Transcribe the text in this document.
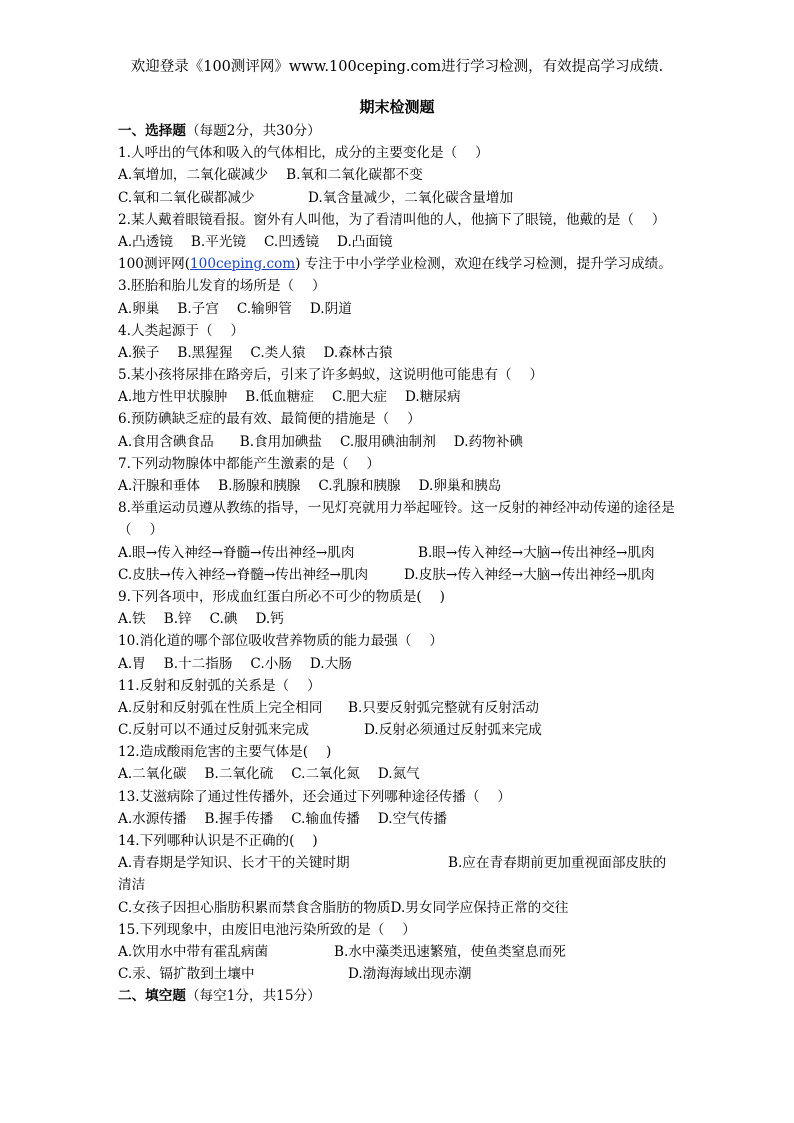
欢迎登录《100测评网》www.100ceping.com进行学习检测，有效提高学习成绩.
期末检测题
一、选择题（每题2分，共30分）
1.人呼出的气体和吸入的气体相比，成分的主要变化是（　 ）
A.氧增加，二氧化碳减少 B.氧和二氧化碳都不变
C.氧和二氧化碳都减少	D.氧含量减少，二氧化碳含量增加
2.某人戴着眼镜看报。窗外有人叫他，为了看清叫他的人，他摘下了眼镜，他戴的是（　 ）
A.凸透镜 B.平光镜 C.凹透镜 D.凸面镜
100测评网(100ceping.com) 专注于中小学学业检测，欢迎在线学习检测，提升学习成绩。
3.胚胎和胎儿发育的场所是（　 ）
A.卵巢 B.子宫 C.输卵管 D.阴道
4.人类起源于（　 ）
A.猴子 B.黑猩猩 C.类人猿 D.森林古猿
5.某小孩将尿排在路旁后，引来了许多蚂蚁，这说明他可能患有（　 ）
A.地方性甲状腺肿 B.低血糖症 C.肥大症 D.糖尿病
6.预防碘缺乏症的最有效、最简便的措施是（　 ）
A.食用含碘食品 B.食用加碘盐 C.服用碘油制剂 D.药物补碘
7.下列动物腺体中都能产生激素的是（　 ）
A.汗腺和垂体 B.肠腺和胰腺 C.乳腺和胰腺 D.卵巢和胰岛
8.举重运动员遵从教练的指导，一见灯亮就用力举起哑铃。这一反射的神经冲动传递的途径是（　 ）
A.眼→传入神经→脊髓→传出神经→肌肉	B.眼→传入神经→大脑→传出神经→肌肉
C.皮肤→传入神经→脊髓→传出神经→肌肉	D.皮肤→传入神经→大脑→传出神经→肌肉
9.下列各项中，形成血红蛋白所必不可少的物质是(　 )
A.铁 B.锌 C.碘 D.钙
10.消化道的哪个部位吸收营养物质的能力最强（　 ）
A.胃 B.十二指肠 C.小肠 D.大肠
11.反射和反射弧的关系是（　 ）
A.反射和反射弧在性质上完全相同	B.只要反射弧完整就有反射活动
C.反射可以不通过反射弧来完成	D.反射必须通过反射弧来完成
12.造成酸雨危害的主要气体是(　 )
A.二氧化碳 B.二氧化硫 C.二氧化氮 D.氮气
13.艾滋病除了通过性传播外，还会通过下列哪种途径传播（　 ）
A.水源传播 B.握手传播 C.输血传播 D.空气传播
14.下列哪种认识是不正确的(　 )
A.青春期是学知识、长才干的关键时期	B.应在青春期前更加重视面部皮肤的清洁
C.女孩子因担心脂肪积累而禁食含脂肪的物质 D.男女同学应保持正常的交往
15.下列现象中，由废旧电池污染所致的是（　 ）
A.饮用水中带有霍乱病菌	B.水中藻类迅速繁殖，使鱼类窒息而死
C.汞、镉扩散到土壤中	D.渤海海域出现赤潮
二、填空题（每空1分，共15分）
